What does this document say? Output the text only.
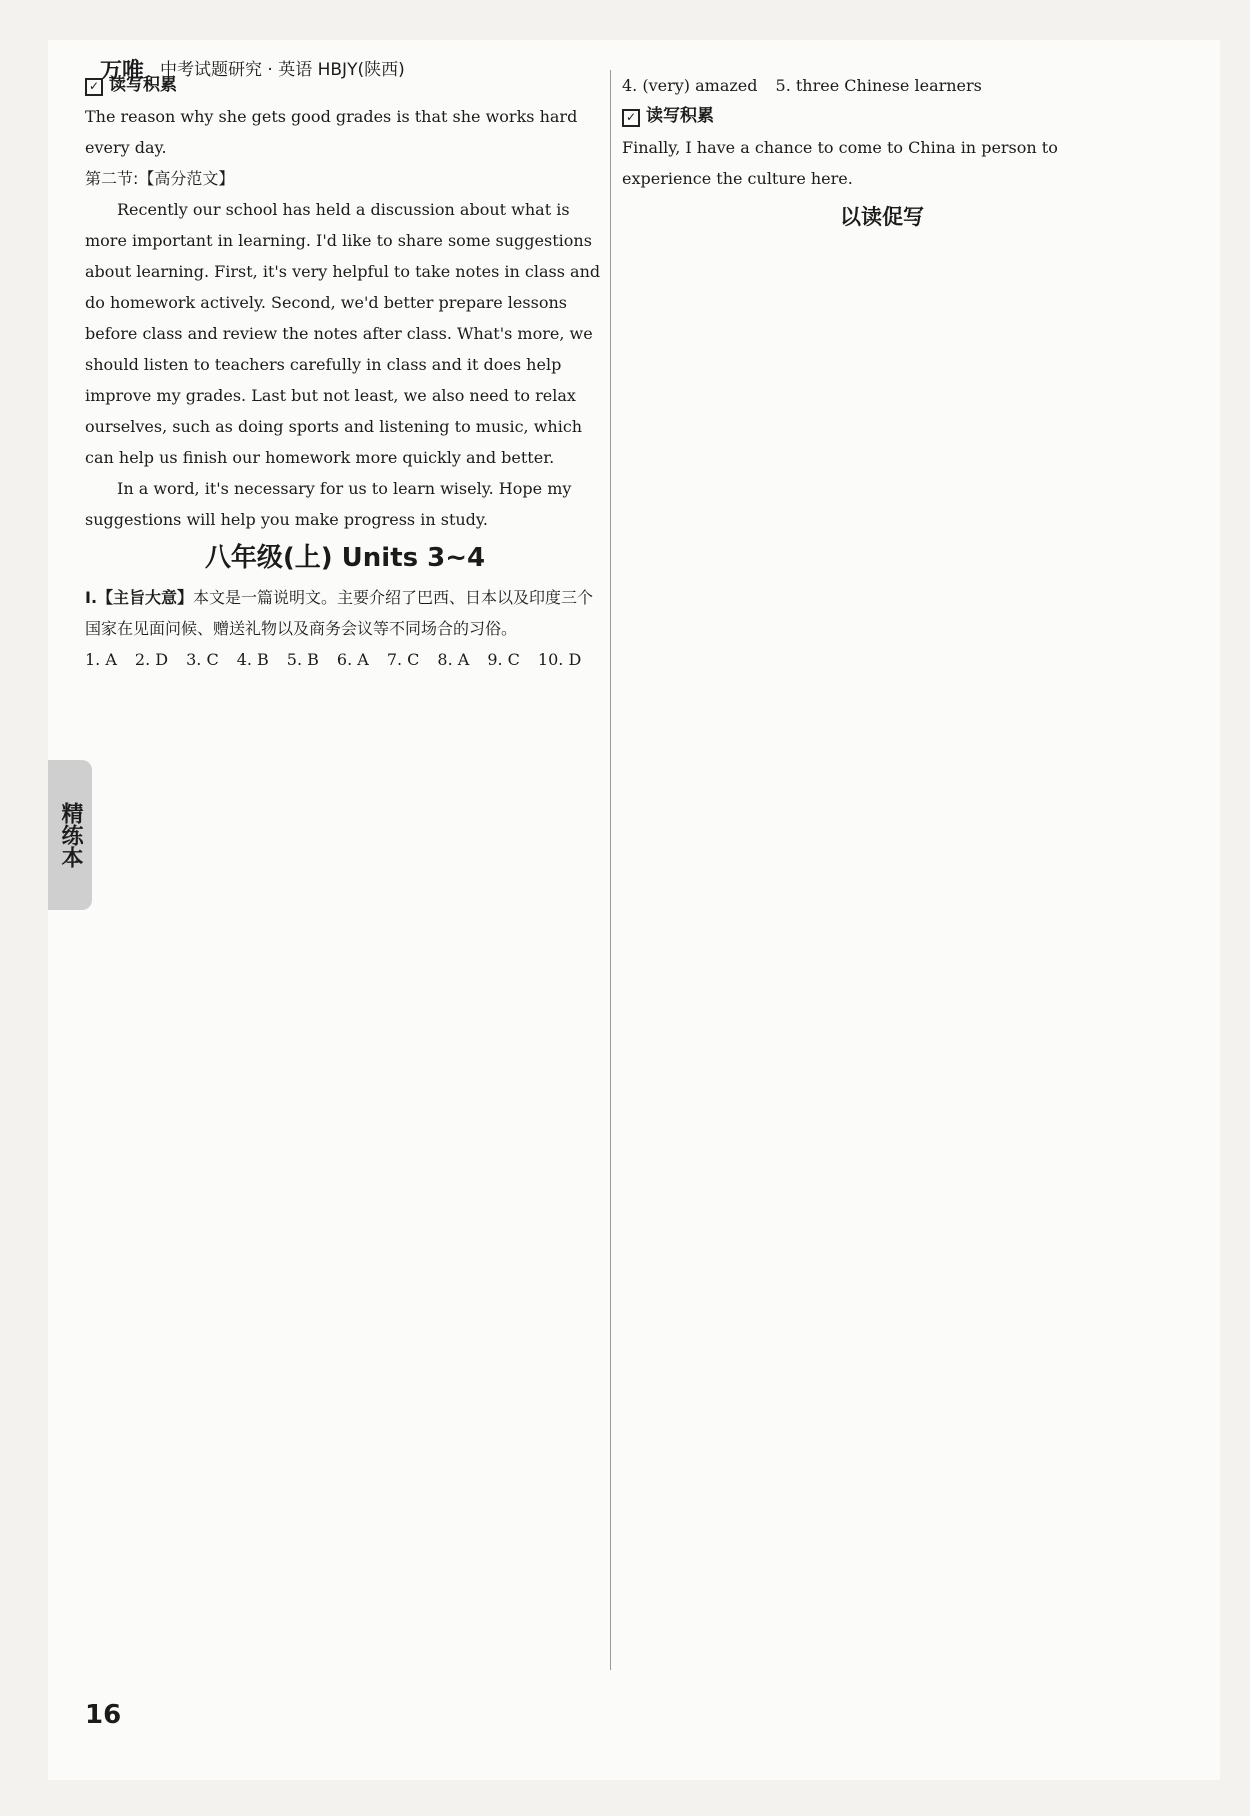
万唯 中考试题研究 · 英语 HBJY(陕西)
精练本
✓ 读写积累

The reason why she gets good grades is that she works hard every day.

第二节:【高分范文】

Recently our school has held a discussion about what is more important in learning. I'd like to share some suggestions about learning. First, it's very helpful to take notes in class and do homework actively. Second, we'd better prepare lessons before class and review the notes after class. What's more, we should listen to teachers carefully in class and it does help improve my grades. Last but not least, we also need to relax ourselves, such as doing sports and listening to music, which can help us finish our homework more quickly and better.

In a word, it's necessary for us to learn wisely. Hope my suggestions will help you make progress in study.

八年级(上) Units 3~4

Ⅰ.【主旨大意】本文是一篇说明文。主要介绍了巴西、日本以及印度三个国家在见面问候、赠送礼物以及商务会议等不同场合的习俗。

1. A 2. D 3. C 4. B 5. B 6. A 7. C 8. A 9. C 10. D

4. (very) amazed 5. three Chinese learners

✓ 读写积累

Finally, I have a chance to come to China in person to experience the culture here.

以读促写
16
